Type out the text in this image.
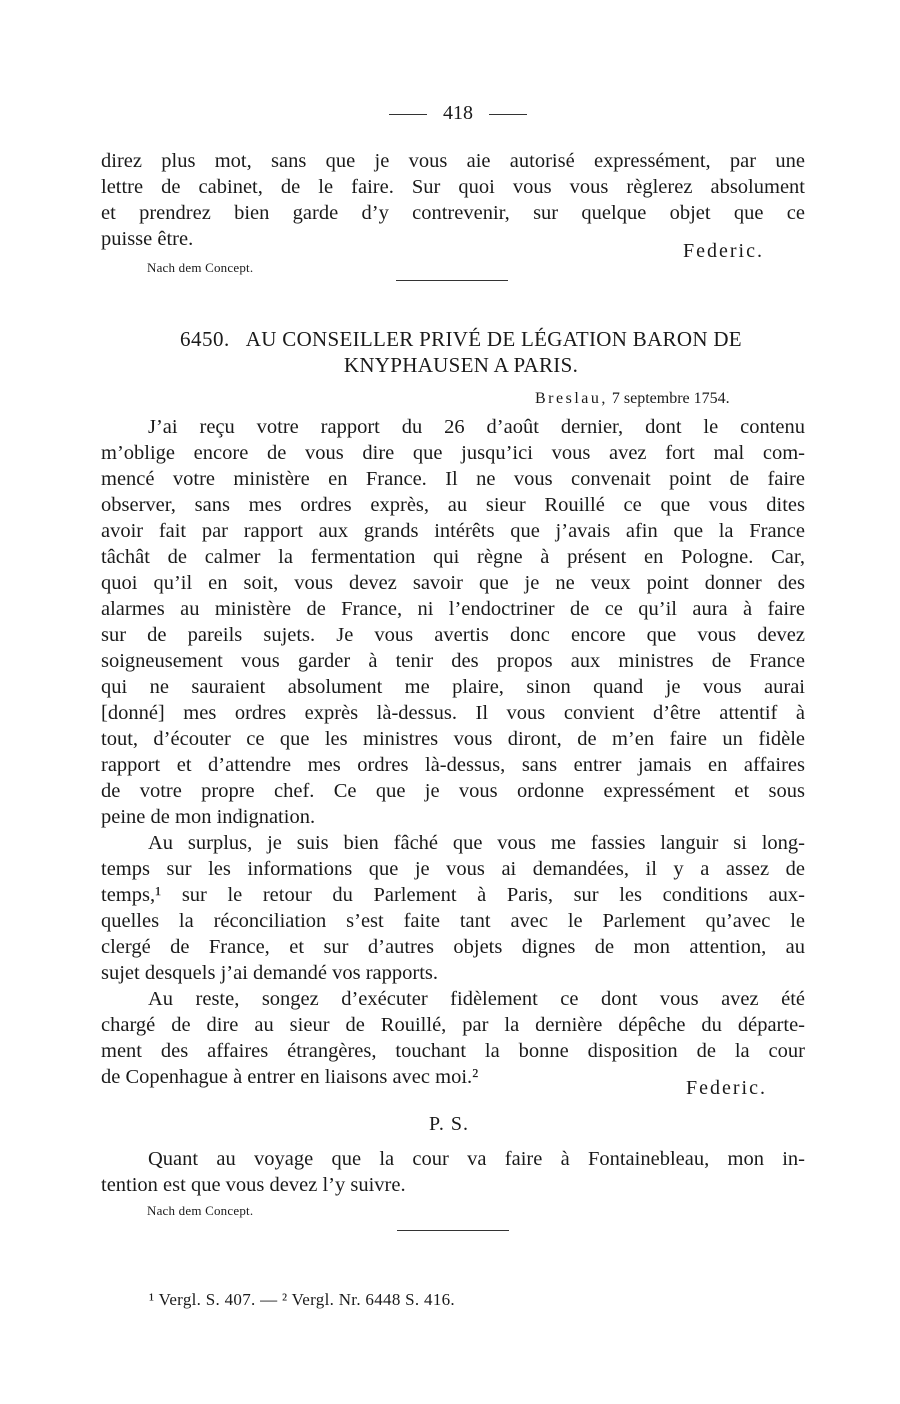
418
direz plus mot, sans que je vous aie autorisé expressément, par une
lettre de cabinet, de le faire. Sur quoi vous vous règlerez absolument
et prendrez bien garde d’y contrevenir, sur quelque objet que ce
puisse être.
Federic.
Nach dem Concept.
6450. AU CONSEILLER PRIVÉ DE LÉGATION BARON DE
KNYPHAUSEN A PARIS.
Breslau, 7 septembre 1754.
J’ai reçu votre rapport du 26 d’août dernier, dont le contenu
m’oblige encore de vous dire que jusqu’ici vous avez fort mal com-
mencé votre ministère en France. Il ne vous convenait point de faire
observer, sans mes ordres exprès, au sieur Rouillé ce que vous dites
avoir fait par rapport aux grands intérêts que j’avais afin que la France
tâchât de calmer la fermentation qui règne à présent en Pologne. Car,
quoi qu’il en soit, vous devez savoir que je ne veux point donner des
alarmes au ministère de France, ni l’endoctriner de ce qu’il aura à faire
sur de pareils sujets. Je vous avertis donc encore que vous devez
soigneusement vous garder à tenir des propos aux ministres de France
qui ne sauraient absolument me plaire, sinon quand je vous aurai
[donné] mes ordres exprès là-dessus. Il vous convient d’être attentif à
tout, d’écouter ce que les ministres vous diront, de m’en faire un fidèle
rapport et d’attendre mes ordres là-dessus, sans entrer jamais en affaires
de votre propre chef. Ce que je vous ordonne expressément et sous
peine de mon indignation.
Au surplus, je suis bien fâché que vous me fassies languir si long-
temps sur les informations que je vous ai demandées, il y a assez de
temps,¹ sur le retour du Parlement à Paris, sur les conditions aux-
quelles la réconciliation s’est faite tant avec le Parlement qu’avec le
clergé de France, et sur d’autres objets dignes de mon attention, au
sujet desquels j’ai demandé vos rapports.
Au reste, songez d’exécuter fidèlement ce dont vous avez été
chargé de dire au sieur de Rouillé, par la dernière dépêche du départe-
ment des affaires étrangères, touchant la bonne disposition de la cour
de Copenhague à entrer en liaisons avec moi.²	Federic.
P. S.
Quant au voyage que la cour va faire à Fontainebleau, mon in-
tention est que vous devez l’y suivre.
Nach dem Concept.
¹ Vergl. S. 407. — ² Vergl. Nr. 6448 S. 416.
